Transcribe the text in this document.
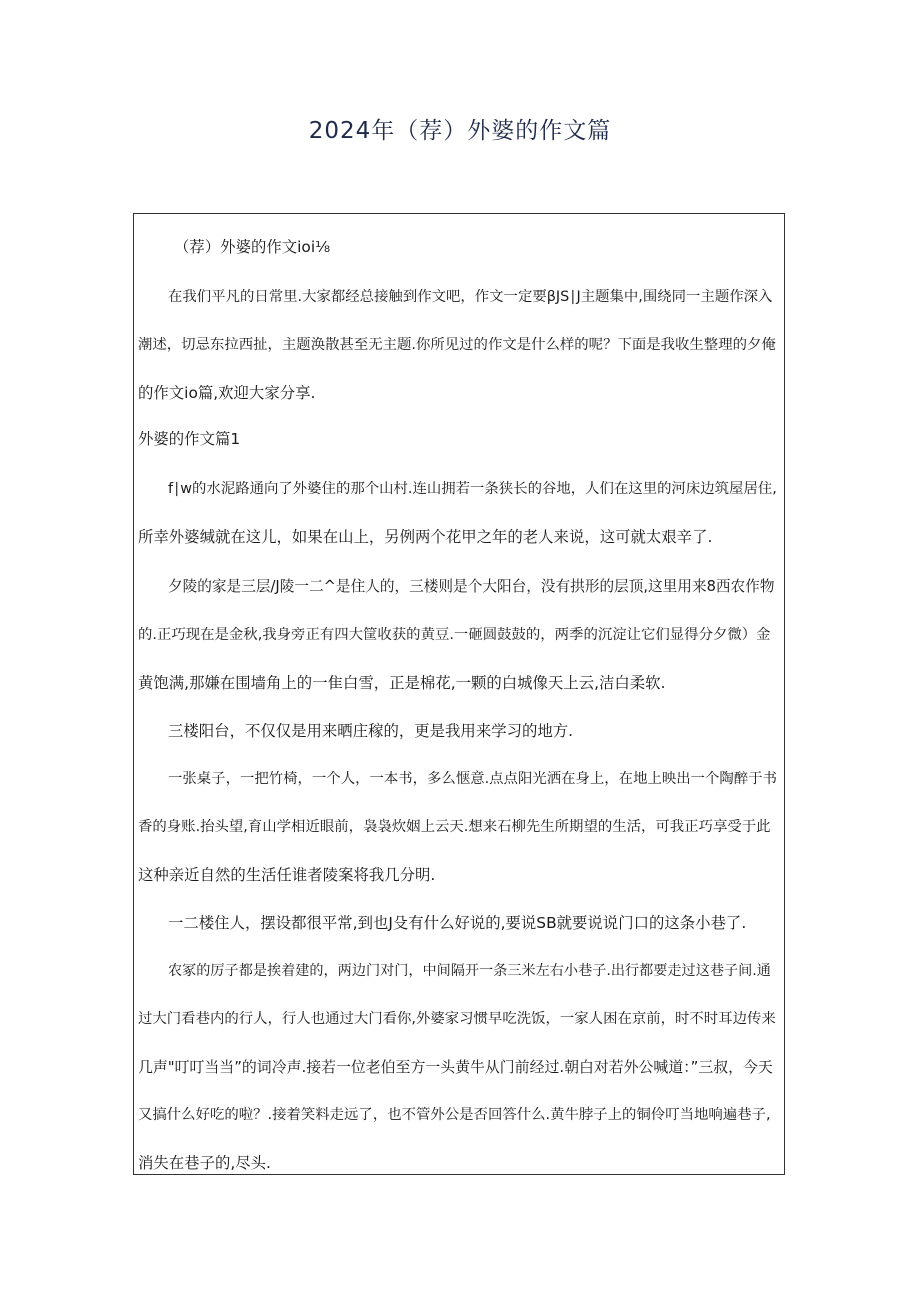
2024年（荐）外婆的作文篇
（荐）外婆的作文ioi⅛
在我们平凡的日常里.大家都经总接触到作文吧，作文一定要βJS∣J主题集中,围绕同一主题作深入
潮述，切忌东拉西扯，主题涣散甚至无主题.你所见过的作文是什么样的呢？下面是我收生整理的夕俺
的作文io篇,欢迎大家分享.
外婆的作文篇1
f∣w的水泥路通向了外婆住的那个山村.连山拥若一条狭长的谷地，人们在这里的河床边筑屋居住,
所幸外婆缄就在这儿，如果在山上，另例两个花甲之年的老人来说，这可就太艰辛了.
夕陵的家是三层/J陵一二^是住人的，三楼则是个大阳台，没有拱形的层顶,这里用来8西农作物
的.正巧现在是金秋,我身旁正有四大筐收获的黄豆.一砸圆鼓鼓的，两季的沉淀让它们显得分夕微）金
黄饱满,那嫌在围墙角上的一隹白雪，正是棉花,一颗的白城像天上云,洁白柔软.
三楼阳台，不仅仅是用来晒庄稼的，更是我用来学习的地方.
一张桌子，一把竹椅，一个人，一本书，多么惬意.点点阳光洒在身上，在地上映出一个陶醉于书
香的身账.抬头望,育山学相近眼前，袅袅炊姻上云天.想来石柳先生所期望的生活，可我正巧享受于此
这种亲近自然的生活任谁者陵案将我几分明.
一二楼住人，摆设都很平常,到也J殳有什么好说的,要说SB就要说说门口的这条小巷了.
农冢的厉子都是挨着建的，两边门对门，中间隔开一条三米左右小巷子.出行都要走过这巷子间.通
过大门看巷内的行人，行人也通过大门看你,外婆家习惯早吃洗饭，一家人困在京前，时不时耳边传来
几声"叮叮当当”的词冷声.接若一位老伯至方一头黄牛从门前经过.朝白对若外公喊道：”三叔，今天
又搞什么好吃的啦？.接着笑料走远了，也不管外公是否回答什么.黄牛脖子上的铜伶叮当地响遍巷子,
消失在巷子的,尽头.
